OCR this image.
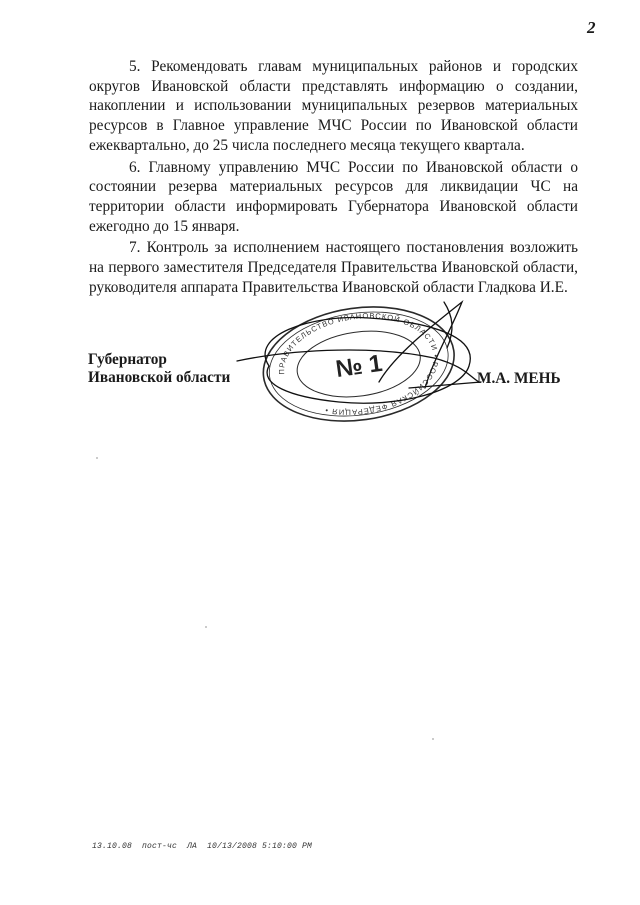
2

5. Рекомендовать главам муниципальных районов и городских округов Ивановской области представлять информацию о создании, накоплении и использовании муниципальных резервов материальных ресурсов в Главное управление МЧС России по Ивановской области ежеквартально, до 25 числа последнего месяца текущего квартала.

6. Главному управлению МЧС России по Ивановской области о состоянии резерва материальных ресурсов для ликвидации ЧС на территории области информировать Губернатора Ивановской области ежегодно до 15 января.

7. Контроль за исполнением настоящего постановления возложить на первого заместителя Председателя Правительства Ивановской области, руководителя аппарата Правительства Ивановской области Гладкова И.Е.

ПРАВИТЕЛЬСТВО ИВАНОВСКОЙ ОБЛАСТИ • РОССИЙСКАЯ ФЕДЕРАЦИЯ •
№ 1
Губернатор
Ивановской области	М.А. МЕНЬ
13.10.08  пост-чс  ЛА  10/13/2008 5:10:00 PM
